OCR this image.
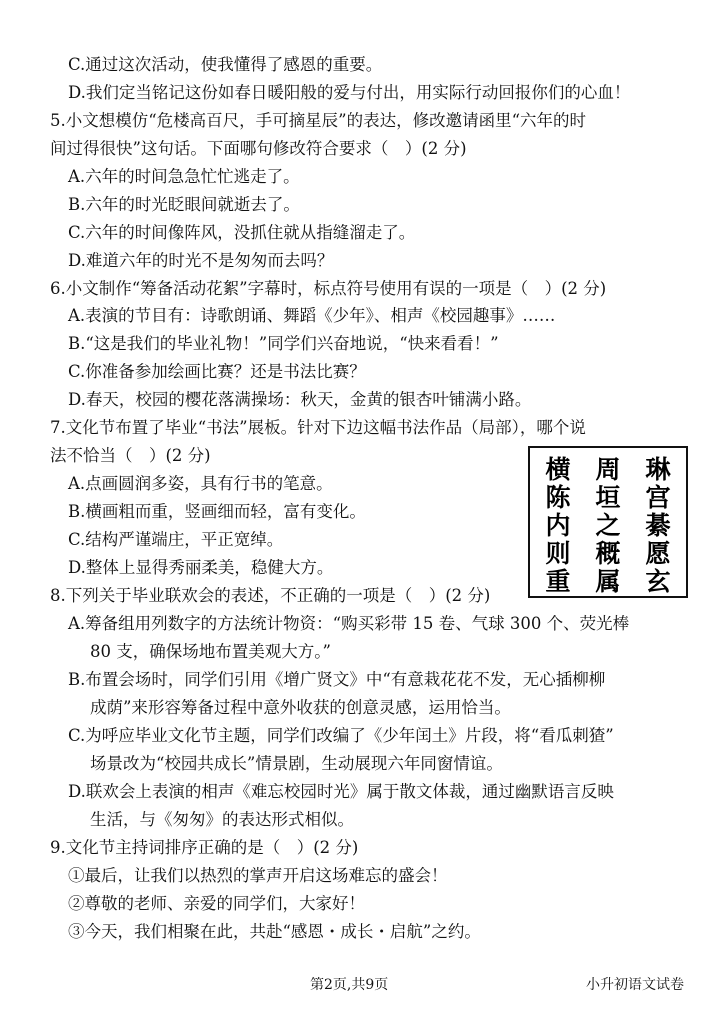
C.通过这次活动，使我懂得了感恩的重要。
D.我们定当铭记这份如春日暖阳般的爱与付出，用实际行动回报你们的心血！
5.小文想模仿“危楼高百尺，手可摘星辰”的表达，修改邀请函里“六年的时
间过得很快”这句话。下面哪句修改符合要求（　）(2 分)
A.六年的时间急急忙忙逃走了。
B.六年的时光眨眼间就逝去了。
C.六年的时间像阵风，没抓住就从指缝溜走了。
D.难道六年的时光不是匆匆而去吗？
6.小文制作“筹备活动花絮”字幕时，标点符号使用有误的一项是（　）(2 分)
A.表演的节目有：诗歌朗诵、舞蹈《少年》、相声《校园趣事》……
B.“这是我们的毕业礼物！”同学们兴奋地说，“快来看看！”
C.你准备参加绘画比赛？还是书法比赛？
D.春天，校园的樱花落满操场：秋天，金黄的银杏叶铺满小路。
7.文化节布置了毕业“书法”展板。针对下边这幅书法作品（局部），哪个说
法不恰当（　）(2 分)
A.点画圆润多姿，具有行书的笔意。
B.横画粗而重，竖画细而轻，富有变化。
C.结构严谨端庄，平正宽绰。
D.整体上显得秀丽柔美，稳健大方。
琳
宫
綦
愿
玄
周
垣
之
穊
属
横
陈
内
则
重
8.下列关于毕业联欢会的表述，不正确的一项是（　）(2 分)
A.筹备组用列数字的方法统计物资：“购买彩带 15 卷、气球 300 个、荧光棒
80 支，确保场地布置美观大方。”
B.布置会场时，同学们引用《增广贤文》中“有意栽花花不发，无心插柳柳
成荫”来形容筹备过程中意外收获的创意灵感，运用恰当。
C.为呼应毕业文化节主题，同学们改编了《少年闰土》片段，将“看瓜刺猹”
场景改为“校园共成长”情景剧，生动展现六年同窗情谊。
D.联欢会上表演的相声《难忘校园时光》属于散文体裁，通过幽默语言反映
生活，与《匆匆》的表达形式相似。
9.文化节主持词排序正确的是（　）(2 分)
①最后，让我们以热烈的掌声开启这场难忘的盛会！
②尊敬的老师、亲爱的同学们，大家好！
③今天，我们相聚在此，共赴“感恩・成长・启航”之约。
第2页,共9页	小升初语文试卷
